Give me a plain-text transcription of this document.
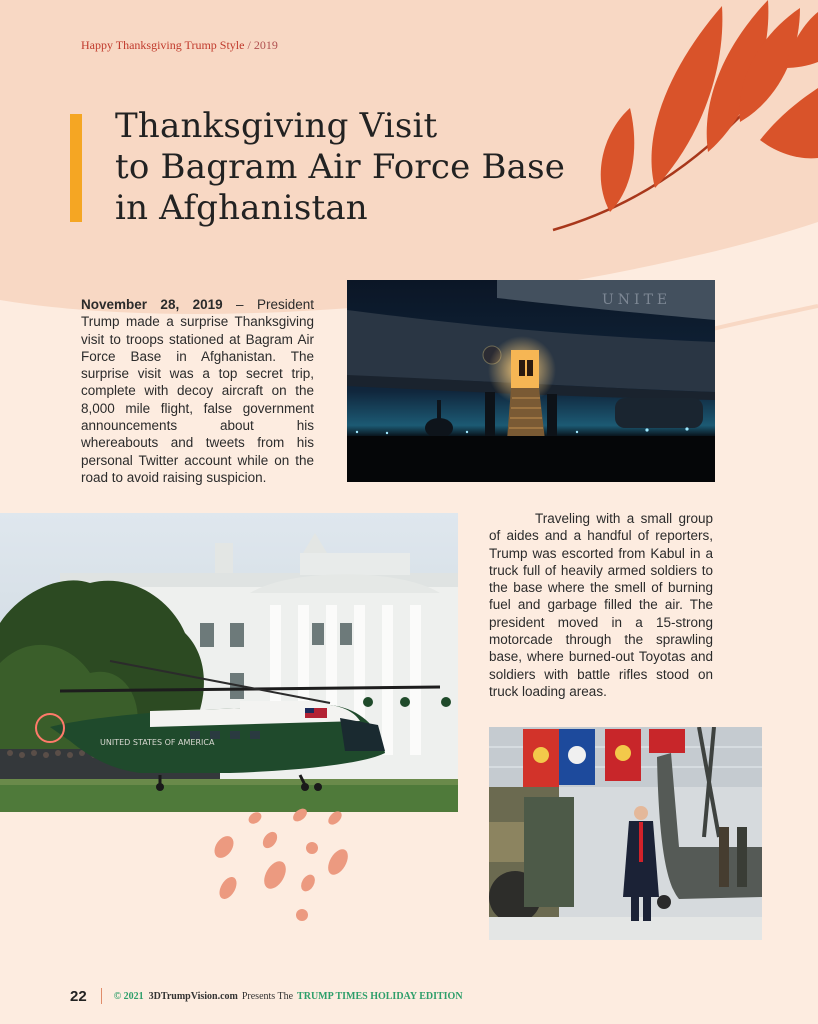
Happy Thanksgiving Trump Style / 2019
Thanksgiving Visit
to Bagram Air Force Base
in Afghanistan

November 28, 2019 – President Trump made a surprise Thanksgiving visit to troops stationed at Bagram Air Force Base in Afghanistan. The surprise visit was a top secret trip, complete with decoy aircraft on the 8,000 mile flight, false government announcements about his whereabouts and tweets from his personal Twitter account while on the road to avoid raising suspicion.

UNITE
UNITED STATES OF AMERICA

Traveling with a small group of aides and a handful of reporters, Trump was escorted from Kabul in a truck full of heavily armed soldiers to the base where the smell of burning fuel and garbage filled the air. The president moved in a 15-strong motorcade through the sprawling base, where burned-out Toyotas and soldiers with battle rifles stood on truck loading areas.

22	© 2021 3DTrumpVision.com Presents The TRUMP TIMES HOLIDAY EDITION
